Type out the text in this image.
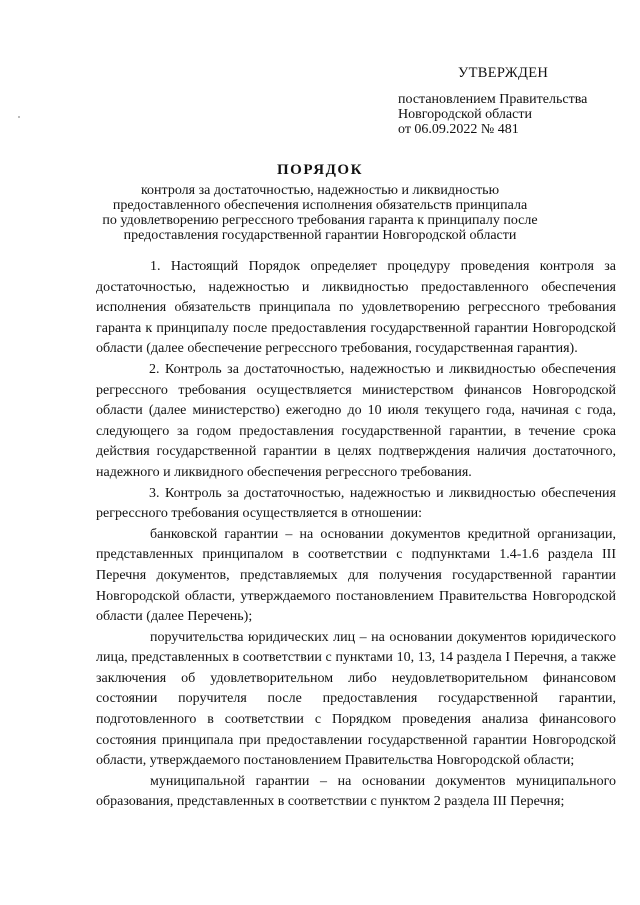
УТВЕРЖДЕН
постановлением Правительства
Новгородской области
от 06.09.2022 № 481
ПОРЯДОК
контроля за достаточностью, надежностью и ликвидностью
предоставленного обеспечения исполнения обязательств принципала
по удовлетворению регрессного требования гаранта к принципалу после
предоставления государственной гарантии Новгородской области

1. Настоящий Порядок определяет процедуру проведения контроля за достаточностью, надежностью и ликвидностью предоставленного обеспечения исполнения обязательств принципала по удовлетворению регрессного требования гаранта к принципалу после предоставления государственной гарантии Новгородской области (далее обеспечение регрессного требования, государственная гарантия).

2. Контроль за достаточностью, надежностью и ликвидностью обеспечения регрессного требования осуществляется министерством финансов Новгородской области (далее министерство) ежегодно до 10 июля текущего года, начиная с года, следующего за годом предоставления государственной гарантии, в течение срока действия государственной гарантии в целях подтверждения наличия достаточного, надежного и ликвидного обеспечения регрессного требования.

3. Контроль за достаточностью, надежностью и ликвидностью обеспечения регрессного требования осуществляется в отношении:

банковской гарантии – на основании документов кредитной организации, представленных принципалом в соответствии с подпунктами 1.4-1.6 раздела III Перечня документов, представляемых для получения государственной гарантии Новгородской области, утверждаемого постановлением Правительства Новгородской области (далее Перечень);

поручительства юридических лиц – на основании документов юридического лица, представленных в соответствии с пунктами 10, 13, 14 раздела I Перечня, а также заключения об удовлетворительном либо неудовлетворительном финансовом состоянии поручителя после предоставления государственной гарантии, подготовленного в соответствии с Порядком проведения анализа финансового состояния принципала при предоставлении государственной гарантии Новгородской области, утверждаемого постановлением Правительства Новгородской области;

муниципальной гарантии – на основании документов муниципального образования, представленных в соответствии с пунктом 2 раздела III Перечня;
